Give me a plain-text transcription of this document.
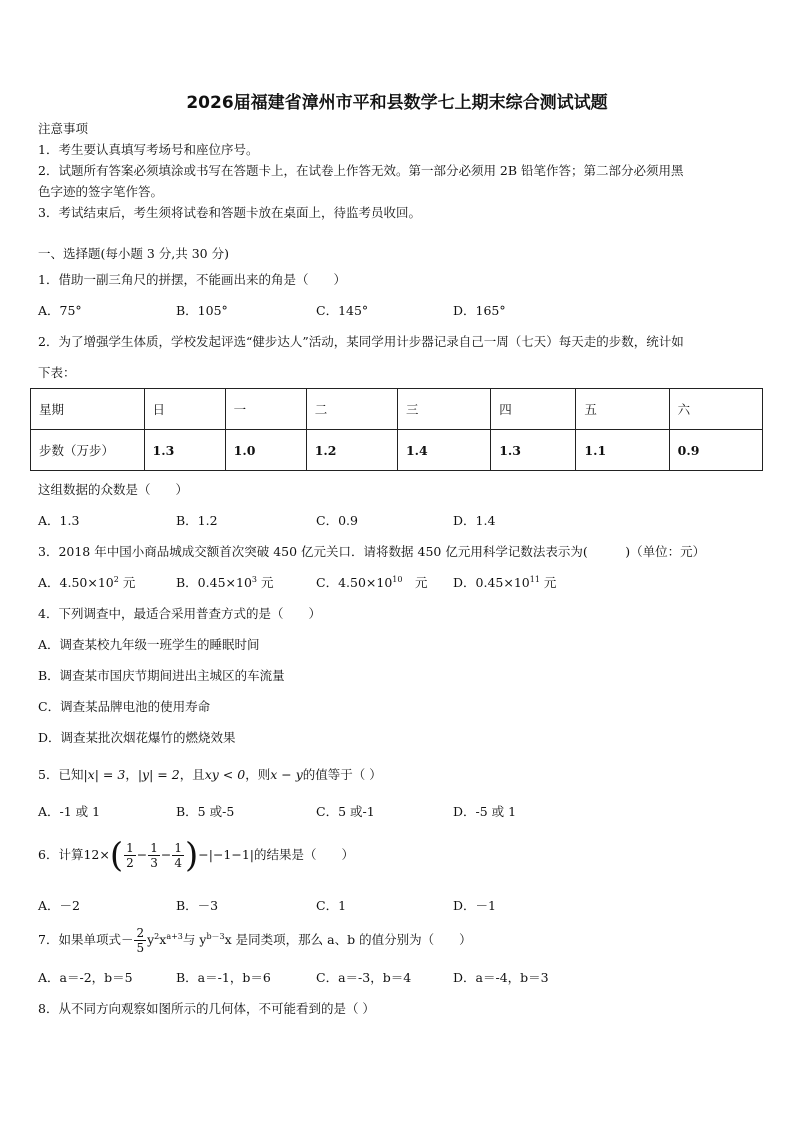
2026届福建省漳州市平和县数学七上期末综合测试试题
注意事项
1．考生要认真填写考场号和座位序号。
2．试题所有答案必须填涂或书写在答题卡上，在试卷上作答无效。第一部分必须用 2B 铅笔作答；第二部分必须用黑
色字迹的签字笔作答。
3．考试结束后，考生须将试卷和答题卡放在桌面上，待监考员收回。
一、选择题(每小题 3 分,共 30 分)
1．借助一副三角尺的拼摆，不能画出来的角是（　　）
A．75°	B．105°	C．145°	D．165°
2．为了增强学生体质，学校发起评选“健步达人”活动，某同学用计步器记录自己一周（七天）每天走的步数，统计如
下表：
星期	日	一	二	三	四	五	六
步数（万步）	1.3	1.0	1.2	1.4	1.3	1.1	0.9
这组数据的众数是（　　）
A．1.3	B．1.2	C．0.9	D．1.4
3．2018 年中国小商品城成交额首次突破 450 亿元关口．请将数据 450 亿元用科学记数法表示为(　　　)（单位：元）
A．$4.50\times 10^2$ 元	B．$0.45\times 10^3$ 元	C．$4.50\times 10^{10}$　元 D．$0.45\times 10^{11}$ 元
4．下列调查中，最适合采用普查方式的是（　　）
A．调查某校九年级一班学生的睡眠时间
B．调查某市国庆节期间进出主城区的车流量
C．调查某品牌电池的使用寿命
D．调查某批次烟花爆竹的燃烧效果
5．已知|x| = 3，|y| = 2，且xy < 0，则x − y的值等于（ ）
A．-1 或 1	B．5 或-5	C．5 或-1	D．-5 或 1
6．计算$12\times( \frac{1}{2} - \frac{1}{3} - \frac{1}{4} )-|-1-1|$的结果是（　　）
A．－2	B．－3	C．1	D．－1
7．如果单项式－ $\frac{2}{5} y^2x^{a+3}$与 $y^{b-3}x$ 是同类项，那么 a、b 的值分别为（　　）
A．a＝-2，b＝5	B．a＝-1，b＝6	C．a＝-3，b＝4	D．a＝-4，b＝3
8．从不同方向观察如图所示的几何体，不可能看到的是（ ）
